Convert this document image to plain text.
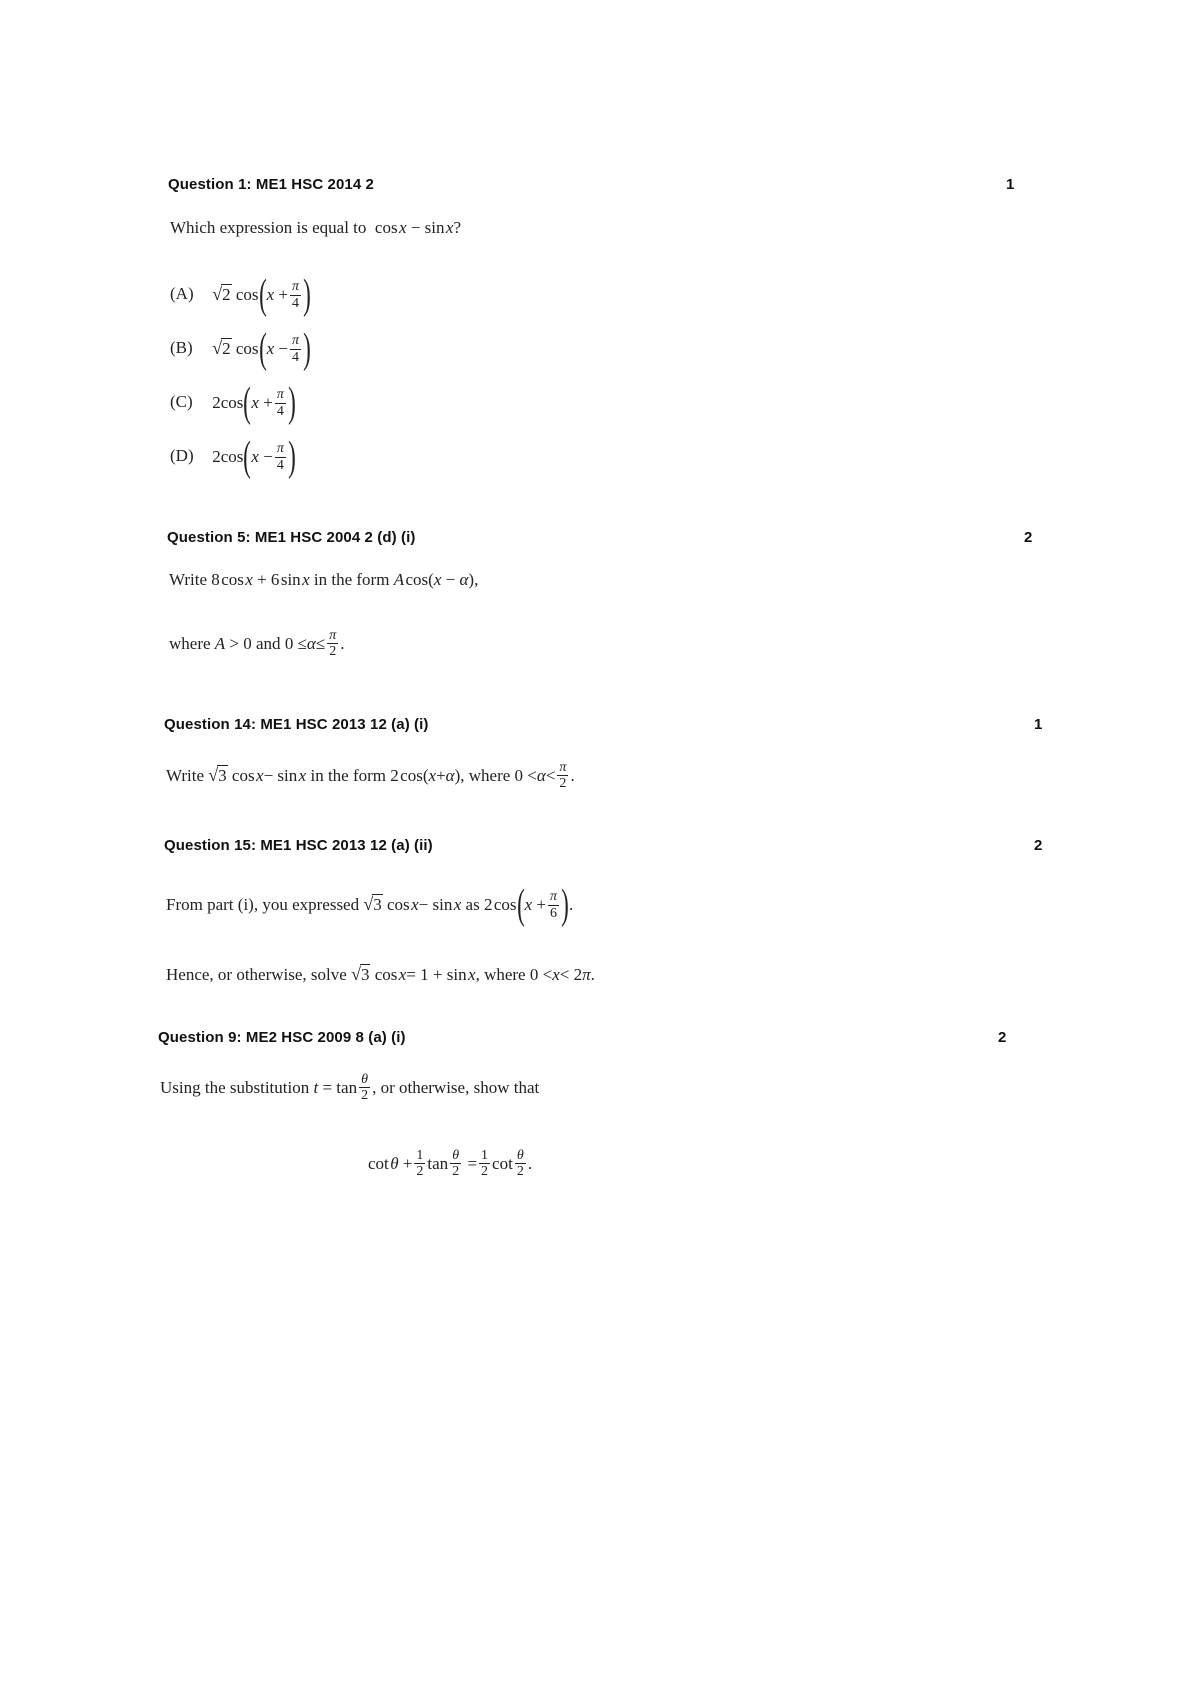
Question 1: ME1 HSC 2014 2	1
Which expression is equal to  cos x − sin x?
(A) √ 2
cos ( x
+ $\frac{\pi}{4}$ )
(B) √ 2
cos ( x
− $\frac{\pi}{4}$ )
(C) 2 cos ( x
+ $\frac{\pi}{4}$ )
(D) 2 cos ( x
− $\frac{\pi}{4}$ )
Question 5: ME1 HSC 2004 2 (d) (i)	2
Write 8 cos x + 6 sin x in the form A cos(x − α),
where
A > 0 and $0 \le \alpha \le \frac{\pi}{2}$ .
Question 14: ME1 HSC 2013 12 (a) (i)	1
Write
√ 3 cos  x − sin  x
in the form 2 cos( x + α ), where $0 < \alpha < \frac{\pi}{2}$ .
Question 15: ME1 HSC 2013 12 (a) (ii)	2
From part (i), you expressed
√ 3 cos  x − sin  x
as 2 cos ( $x + \frac{\pi}{6}$ ) .
Hence, or otherwise, solve
√ 3 cos  x = 1 + sin  x , where 0 < x < 2 π .
Question 9: ME2 HSC 2009 8 (a) (i)	2
Using the substitution
$t = \tan \frac{\theta}{2}$ , or otherwise, show that
cot  $\theta + \frac{1}{2}$ $\tan \frac{\theta}{2} = \frac{1}{2}$ $\cot \frac{\theta}{2}$ .
